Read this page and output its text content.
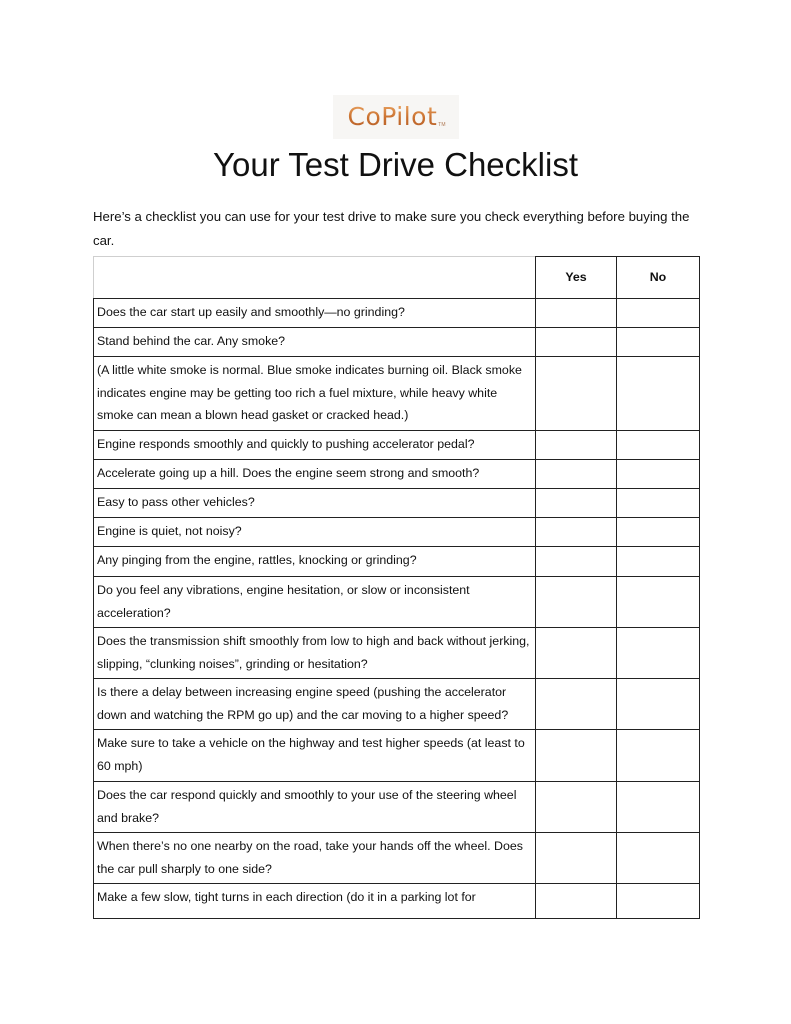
CoPilot TM
Your Test Drive Checklist

Here’s a checklist you can use for your test drive to make sure you check everything before buying the car.

	Yes	No
Does the car start up easily and smoothly—no grinding?		
Stand behind the car. Any smoke?		
(A little white smoke is normal. Blue smoke indicates burning oil. Black smoke indicates engine may be getting too rich a fuel mixture, while heavy white smoke can mean a blown head gasket or cracked head.)		
Engine responds smoothly and quickly to pushing accelerator pedal?		
Accelerate going up a hill. Does the engine seem strong and smooth?		
Easy to pass other vehicles?		
Engine is quiet, not noisy?		
Any pinging from the engine, rattles, knocking or grinding?		
Do you feel any vibrations, engine hesitation, or slow or inconsistent acceleration?		
Does the transmission shift smoothly from low to high and back without jerking, slipping, “clunking noises”, grinding or hesitation?		
Is there a delay between increasing engine speed (pushing the accelerator down and watching the RPM go up) and the car moving to a higher speed?		
Make sure to take a vehicle on the highway and test higher speeds (at least to 60 mph)		
Does the car respond quickly and smoothly to your use of the steering wheel and brake?		
When there’s no one nearby on the road, take your hands off the wheel. Does the car pull sharply to one side?		
Make a few slow, tight turns in each direction (do it in a parking lot for		
